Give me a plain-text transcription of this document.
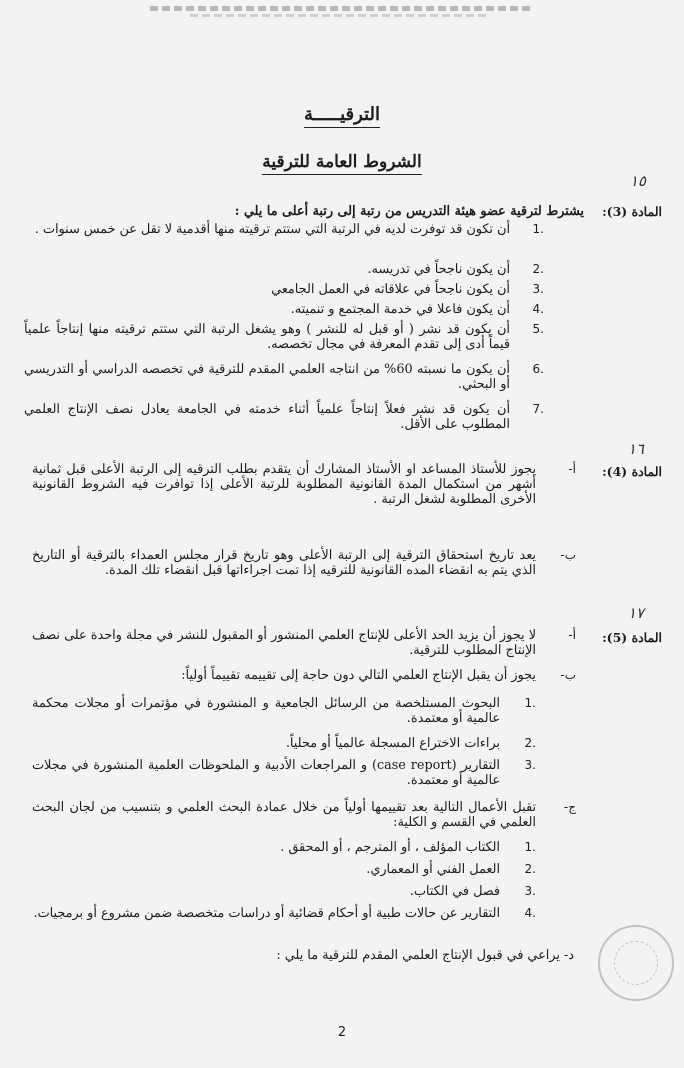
الترقيـــــة
الشروط العامة للترقية
١٥
١٦
١٧
المادة (3):
يشترط لترقية عضو هيئة التدريس من رتبة إلى رتبة أعلى ما يلي :
.1
أن تكون قد توفرت لديه في الرتبة التي ستتم ترقيته منها أقدمية لا تقل عن خمس سنوات .
.2
أن يكون ناجحاً في تدريسه.
.3
أن يكون ناجحاً في علاقاته في العمل الجامعي
.4
أن يكون فاعلا في خدمة المجتمع و تنميته.
.5
أن يكون قد نشر ( أو قبل له للنشر ) وهو يشغل الرتبة التي ستتم ترقيته منها إنتاجاً علمياً قيماً أدى إلى تقدم المعرفة في مجال تخصصه.
.6
أن يكون ما نسبته 60% من انتاجه العلمي المقدم للترقية في تخصصه الدراسي أو التدريسي أو البحثي.
.7
أن يكون قد نشر فعلاً إنتاجاً علمياً أثناء خدمته في الجامعة يعادل نصف الإنتاج العلمي المطلوب على الأقل.
المادة (4):
أ-
يجوز للأستاذ المساعد او الأستاذ المشارك أن يتقدم بطلب الترقيه إلى الرتبة الأعلى قبل ثمانية أشهر من استكمال المدة القانونية المطلوبة للرتبة الأعلى إذا توافرت فيه الشروط القانونية الأخرى المطلوبة لشغل الرتبة .
ب-
يعد تاريخ استحقاق الترقية إلى الرتبة الأعلى وهو تاريخ قرار مجلس العمداء بالترقية أو التاريخ الذي يتم به انقضاء المده القانونية للترقيه إذا تمت اجراءاتها قبل انقضاء تلك المدة.
المادة (5):
أ-
لا يجوز أن يزيد الحد الأعلى للإنتاج العلمي المنشور أو المقبول للنشر في مجلة واحدة على نصف الإنتاج المطلوب للترقية.
ب-
يجوز أن يقبل الإنتاج العلمي التالي دون حاجة إلى تقييمه تقييماً أولياً:
.1
البحوث المستلخصة من الرسائل الجامعية و المنشورة في مؤتمرات أو مجلات محكمة عالمية أو معتمدة.
.2
براءات الاختراع المسجلة عالمياً أو محلياً.
.3
التقارير (case report) و المراجعات الأدبية و الملحوظات العلمية المنشورة في مجلات عالمية أو معتمدة.
ج-
تقبل الأعمال التالية بعد تقييمها أولياً من خلال عمادة البحث العلمي و بتنسيب من لجان البحث العلمي في القسم و الكلية:
.1
الكتاب المؤلف ، أو المترجم ، أو المحقق .
.2
العمل الفني أو المعماري.
.3
فصل في الكتاب.
.4
التقارير عن حالات طبية أو أحكام قضائية أو دراسات متخصصة ضمن مشروع أو برمجيات.
د- يراعي في قبول الإنتاج العلمي المقدم للترقية ما يلي :
2
